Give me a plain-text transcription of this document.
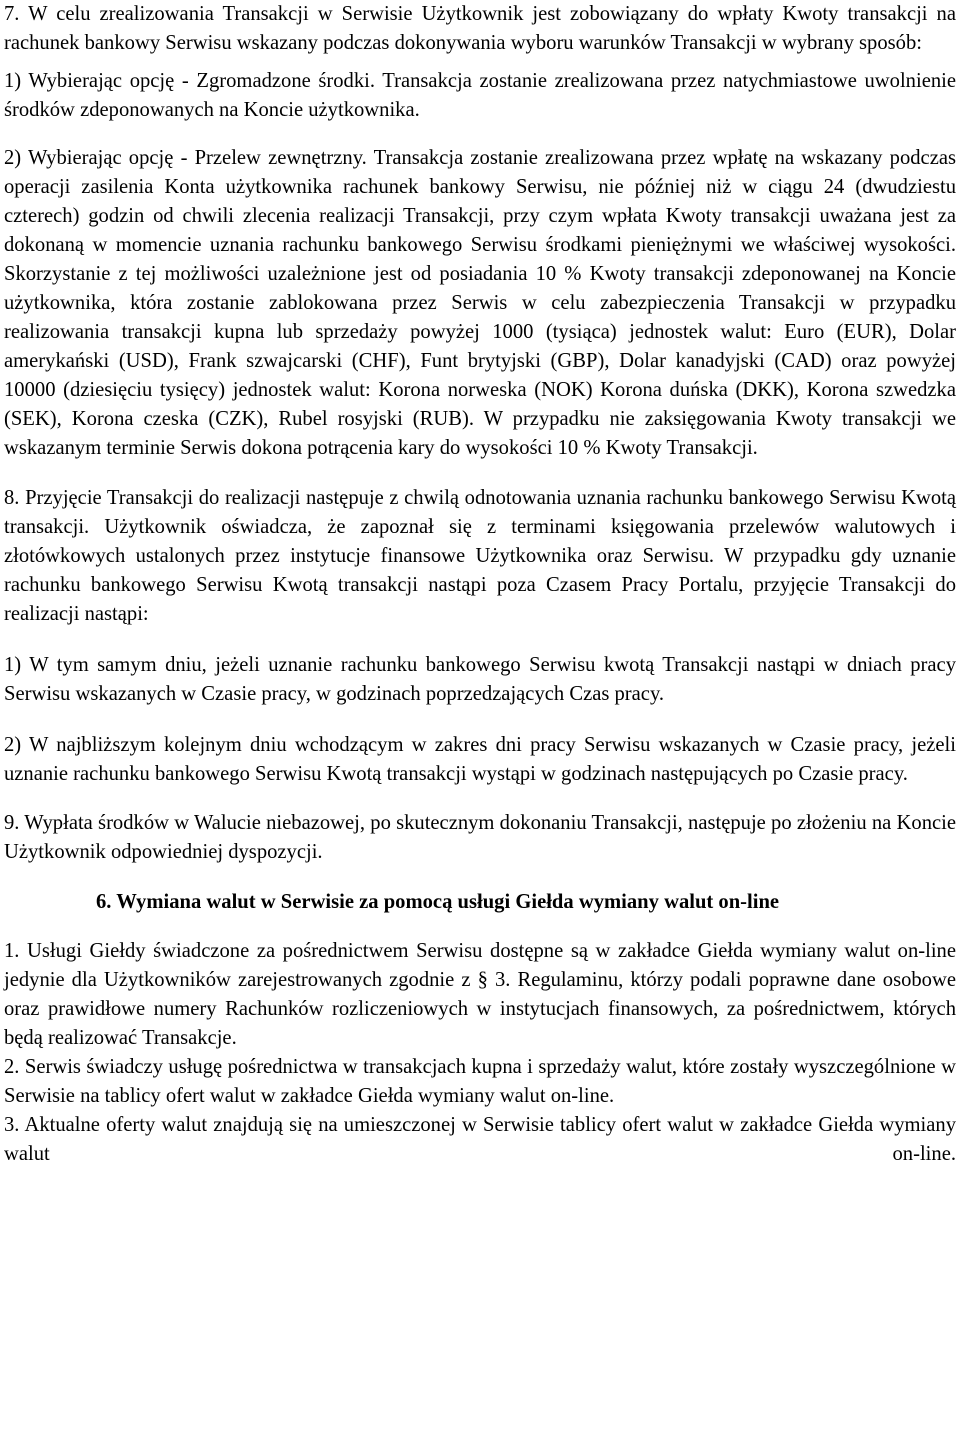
7. W celu zrealizowania Transakcji w Serwisie Użytkownik jest zobowiązany do wpłaty Kwoty transakcji na rachunek bankowy Serwisu wskazany podczas dokonywania wyboru warunków Transakcji w wybrany sposób:

1) Wybierając opcję - Zgromadzone środki. Transakcja zostanie zrealizowana przez natychmiastowe uwolnienie środków zdeponowanych na Koncie użytkownika.

2) Wybierając opcję - Przelew zewnętrzny. Transakcja zostanie zrealizowana przez wpłatę na wskazany podczas operacji zasilenia Konta użytkownika rachunek bankowy Serwisu, nie później niż w ciągu 24 (dwudziestu czterech) godzin od chwili zlecenia realizacji Transakcji, przy czym wpłata Kwoty transakcji uważana jest za dokonaną w momencie uznania rachunku bankowego Serwisu środkami pieniężnymi we właściwej wysokości. Skorzystanie z tej możliwości uzależnione jest od posiadania 10 % Kwoty transakcji zdeponowanej na Koncie użytkownika, która zostanie zablokowana przez Serwis w celu zabezpieczenia Transakcji w przypadku realizowania transakcji kupna lub sprzedaży powyżej 1000 (tysiąca) jednostek walut: Euro (EUR), Dolar amerykański (USD), Frank szwajcarski (CHF), Funt brytyjski (GBP), Dolar kanadyjski (CAD) oraz powyżej 10000 (dziesięciu tysięcy) jednostek walut: Korona norweska (NOK) Korona duńska (DKK), Korona szwedzka (SEK), Korona czeska (CZK), Rubel rosyjski (RUB). W przypadku nie zaksięgowania Kwoty transakcji we wskazanym terminie Serwis dokona potrącenia kary do wysokości 10 % Kwoty Transakcji.

8. Przyjęcie Transakcji do realizacji następuje z chwilą odnotowania uznania rachunku bankowego Serwisu Kwotą transakcji. Użytkownik oświadcza, że zapoznał się z terminami księgowania przelewów walutowych i złotówkowych ustalonych przez instytucje finansowe Użytkownika oraz Serwisu. W przypadku gdy uznanie rachunku bankowego Serwisu Kwotą transakcji nastąpi poza Czasem Pracy Portalu, przyjęcie Transakcji do realizacji nastąpi:

1) W tym samym dniu, jeżeli uznanie rachunku bankowego Serwisu kwotą Transakcji nastąpi w dniach pracy Serwisu wskazanych w Czasie pracy, w godzinach poprzedzających Czas pracy.

2) W najbliższym kolejnym dniu wchodzącym w zakres dni pracy Serwisu wskazanych w Czasie pracy, jeżeli uznanie rachunku bankowego Serwisu Kwotą transakcji wystąpi w godzinach następujących po Czasie pracy.

9. Wypłata środków w Walucie niebazowej, po skutecznym dokonaniu Transakcji, następuje po złożeniu na Koncie Użytkownik odpowiedniej dyspozycji.

6. Wymiana walut w Serwisie za pomocą usługi Giełda wymiany walut on-line

1. Usługi Giełdy świadczone za pośrednictwem Serwisu dostępne są w zakładce Giełda wymiany walut on-line jedynie dla Użytkowników zarejestrowanych zgodnie z § 3. Regulaminu, którzy podali poprawne dane osobowe oraz prawidłowe numery Rachunków rozliczeniowych w instytucjach finansowych, za pośrednictwem, których będą realizować Transakcje.

2. Serwis świadczy usługę pośrednictwa w transakcjach kupna i sprzedaży walut, które zostały wyszczególnione w Serwisie na tablicy ofert walut w zakładce Giełda wymiany walut on-line.

3. Aktualne oferty walut znajdują się na umieszczonej w Serwisie tablicy ofert walut w zakładce Giełda wymiany walut on-line.
